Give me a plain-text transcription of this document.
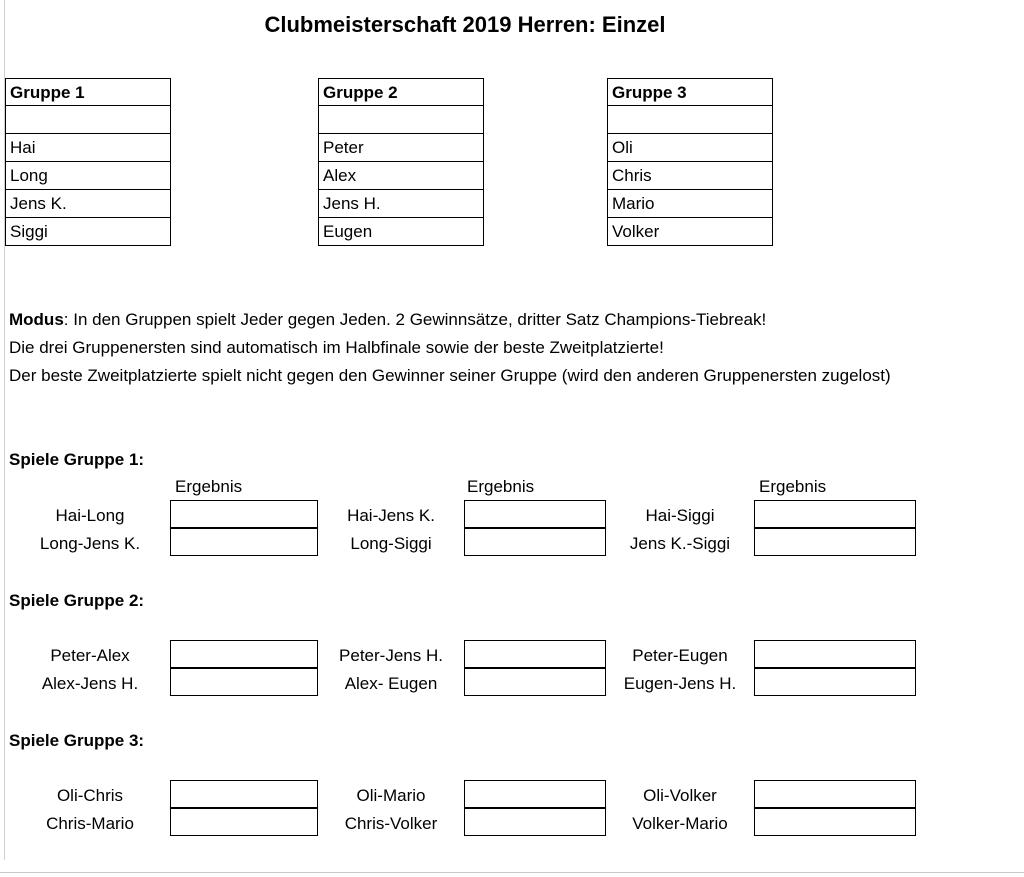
Clubmeisterschaft 2019 Herren: Einzel
Gruppe 1
Hai
Long
Jens K.
Siggi
Gruppe 2
Peter
Alex
Jens H.
Eugen
Gruppe 3
Oli
Chris
Mario
Volker
Modus: In den Gruppen spielt Jeder gegen Jeden. 2 Gewinnsätze, dritter Satz Champions-Tiebreak!
Die drei Gruppenersten sind automatisch im Halbfinale sowie der beste Zweitplatzierte!
Der beste Zweitplatzierte spielt nicht gegen den Gewinner seiner Gruppe (wird den anderen Gruppenersten zugelost)
Spiele Gruppe 1:
Ergebnis	Ergebnis	Ergebnis
Hai-Long	Hai-Jens K.	Hai-Siggi
Long-Jens K.	Long-Siggi	Jens K.-Siggi
Spiele Gruppe 2:
Peter-Alex	Peter-Jens H.	Peter-Eugen
Alex-Jens H.	Alex- Eugen	Eugen-Jens H.
Spiele Gruppe 3:
Oli-Chris	Oli-Mario	Oli-Volker
Chris-Mario	Chris-Volker	Volker-Mario
